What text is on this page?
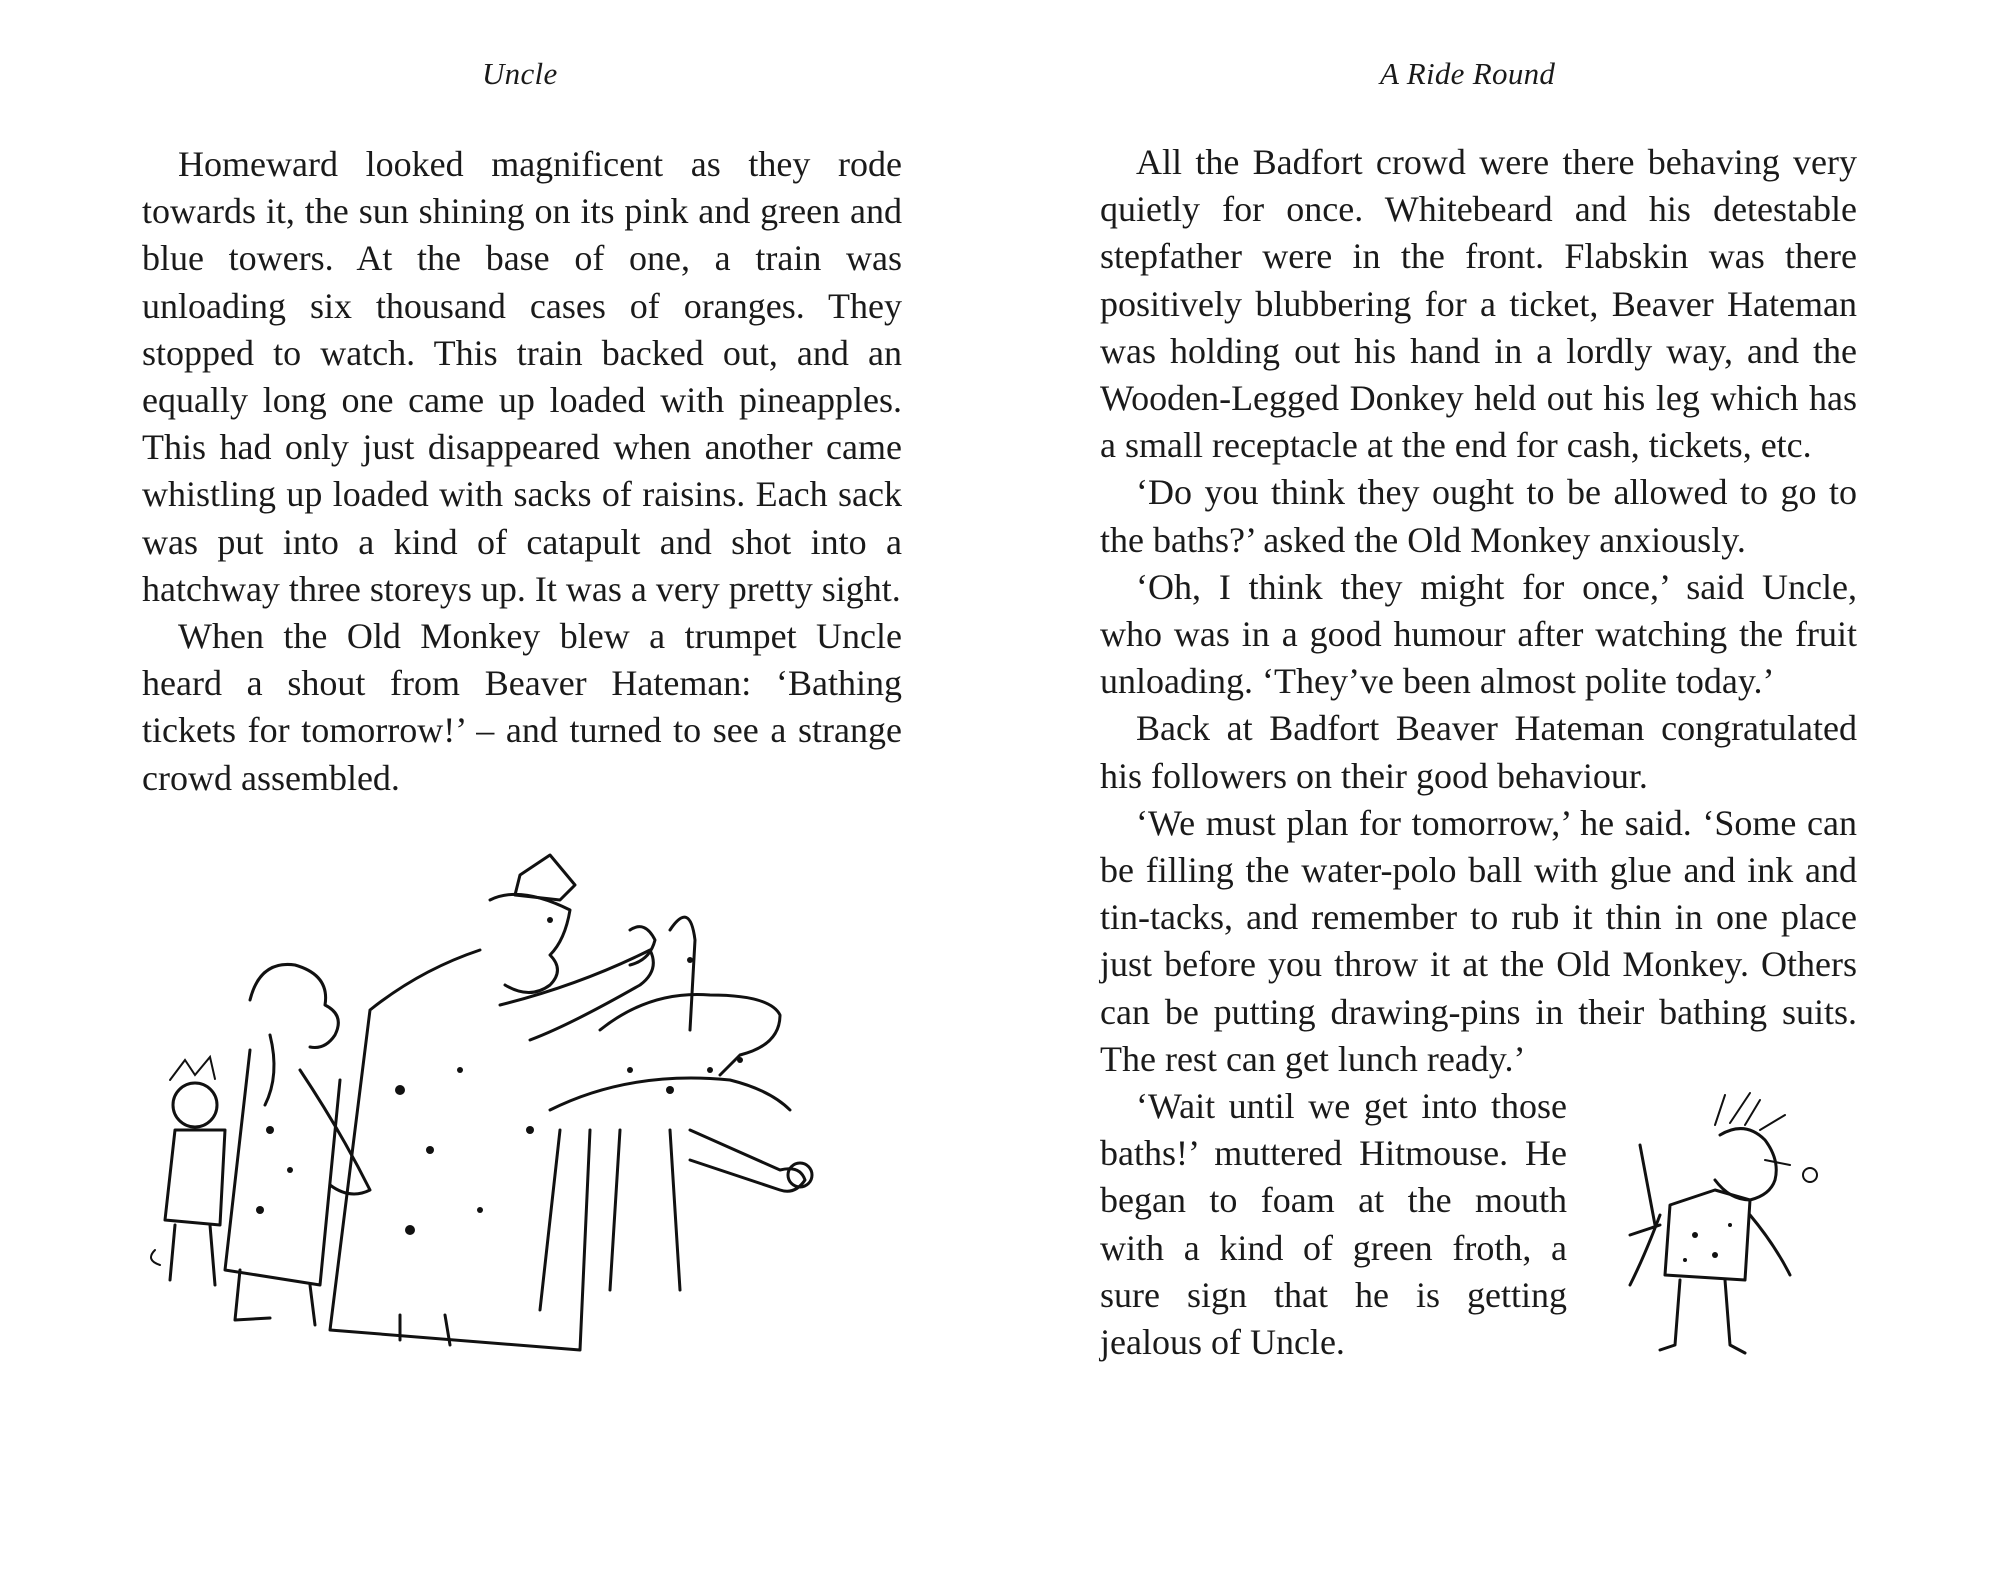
Uncle

Homeward looked magnificent as they rode towards it, the sun shining on its pink and green and blue towers. At the base of one, a train was unloading six thousand cases of oranges. They stopped to watch. This train backed out, and an equally long one came up loaded with pineapples. This had only just disappeared when another came whistling up loaded with sacks of raisins. Each sack was put into a kind of catapult and shot into a hatchway three storeys up. It was a very pretty sight.

When the Old Monkey blew a trumpet Uncle heard a shout from Beaver Hateman: ‘Bathing tickets for tomorrow!’ – and turned to see a strange crowd assembled.

A Ride Round

All the Badfort crowd were there behaving very quietly for once. Whitebeard and his detestable stepfather were in the front. Flabskin was there positively blubbering for a ticket, Beaver Hateman was holding out his hand in a lordly way, and the Wooden-Legged Donkey held out his leg which has a small receptacle at the end for cash, tickets, etc.

‘Do you think they ought to be allowed to go to the baths?’ asked the Old Monkey anxiously.

‘Oh, I think they might for once,’ said Uncle, who was in a good humour after watching the fruit unloading. ‘They’ve been almost polite today.’

Back at Badfort Beaver Hateman congratulated his followers on their good behaviour.

‘We must plan for tomorrow,’ he said. ‘Some can be filling the water-polo ball with glue and ink and tin-tacks, and remember to rub it thin in one place just before you throw it at the Old Monkey. Others can be putting drawing-pins in their bathing suits. The rest can get lunch ready.’

‘Wait until we get into those baths!’ muttered Hitmouse. He began to foam at the mouth with a kind of green froth, a sure sign that he is getting jealous of Uncle.
